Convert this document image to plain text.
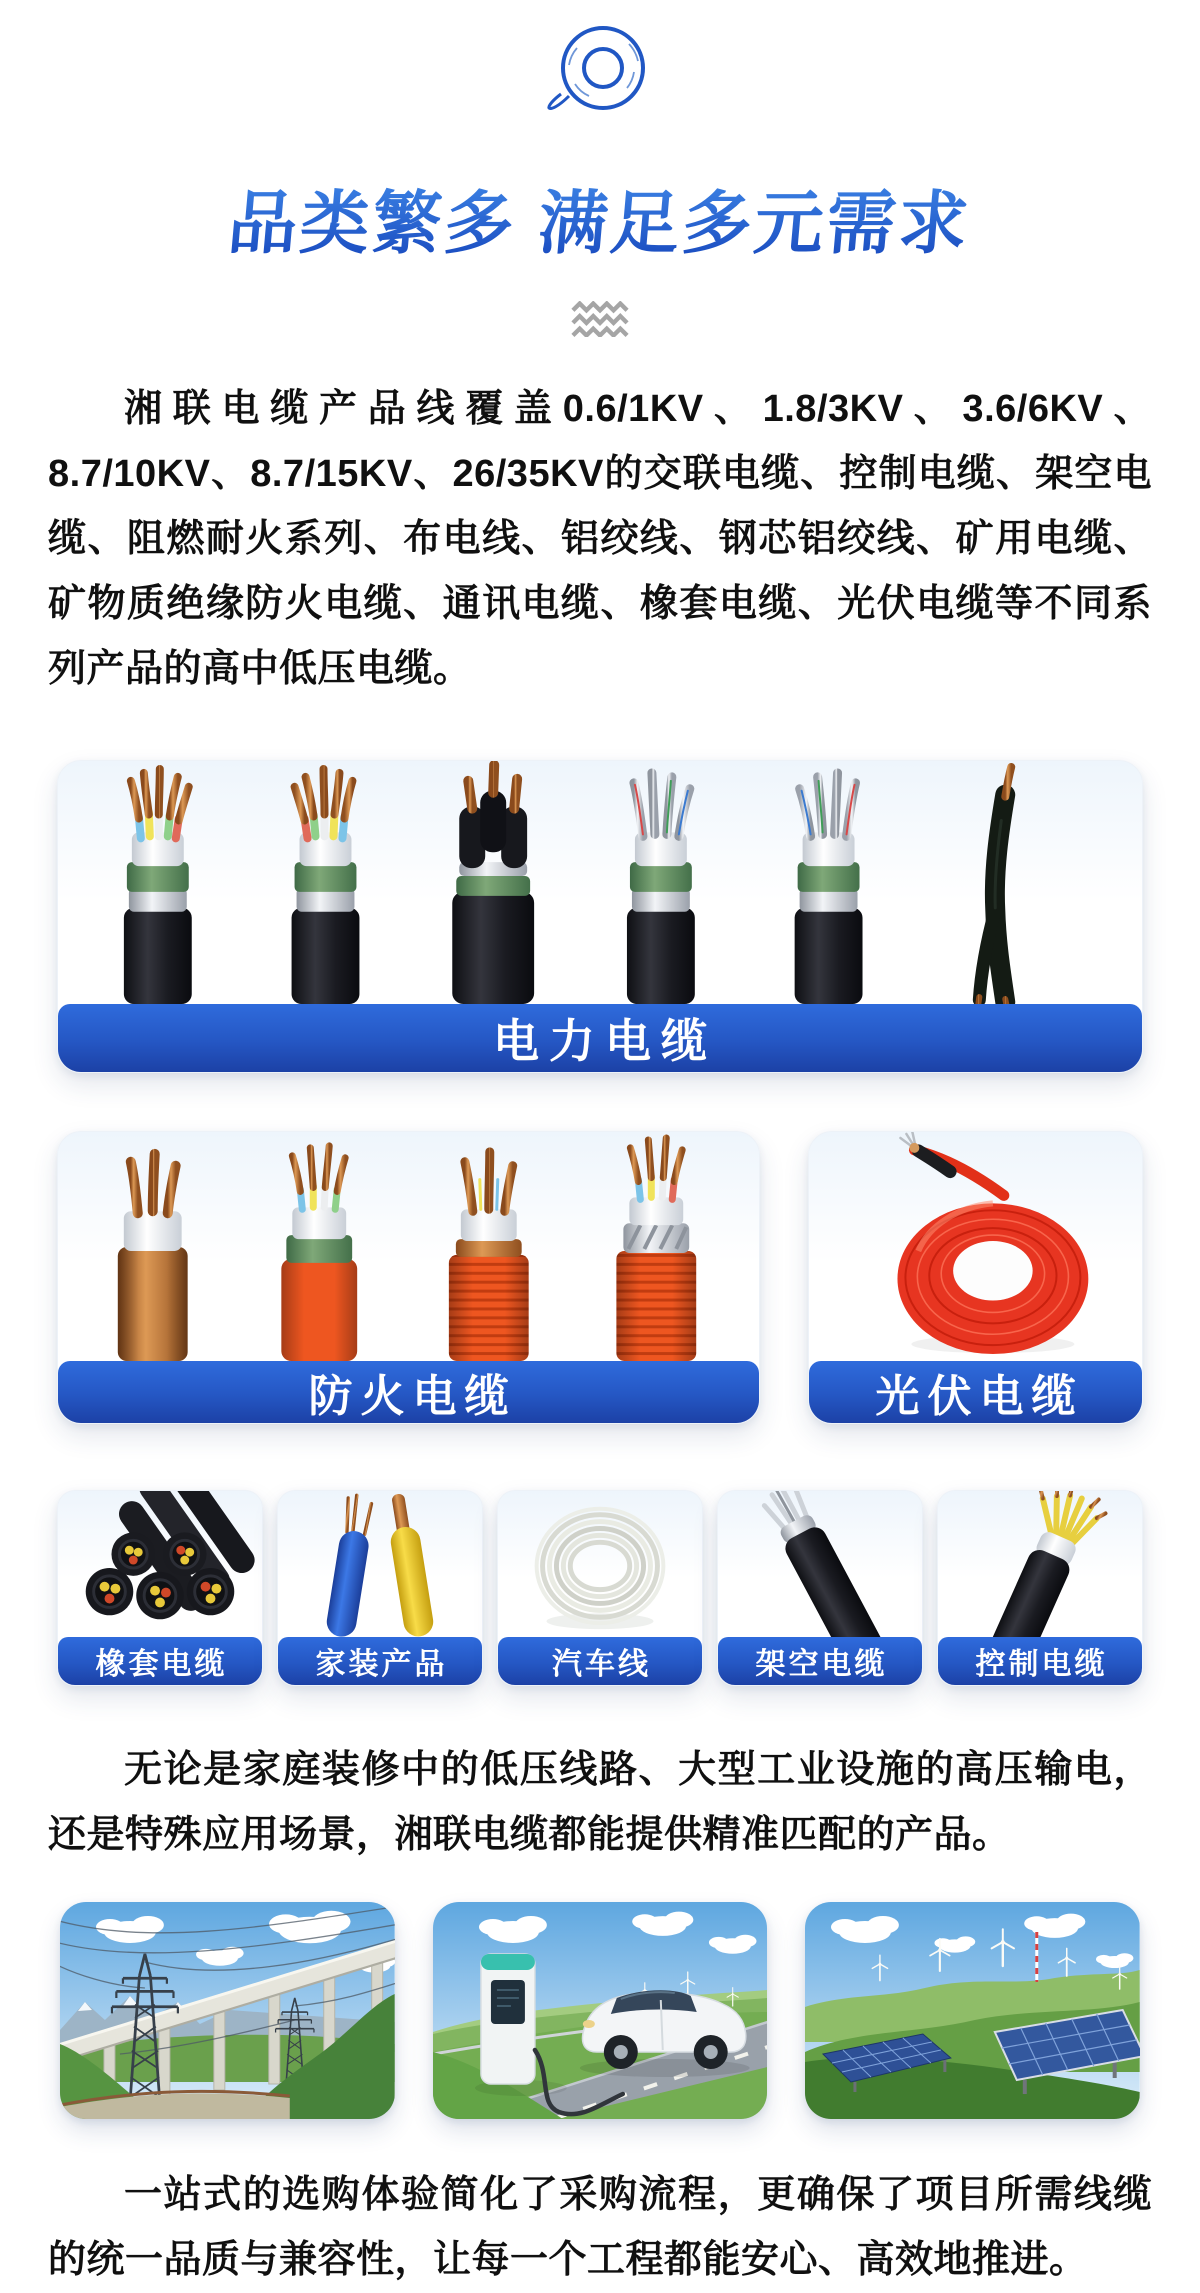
品类繁多 满足多元需求

湘联电缆产品线覆盖0.6/1KV、1.8/3KV、3.6/6KV、8.7/10KV、8.7/15KV、26/35KV的交联电缆、控制电缆、架空电缆、阻燃耐火系列、布电线、铝绞线、钢芯铝绞线、矿用电缆、矿物质绝缘防火电缆、通讯电缆、橡套电缆、光伏电缆等不同系列产品的高中低压电缆。

电力电缆
防火电缆	光伏电缆
橡套电缆	家装产品	汽车线	架空电缆	控制电缆

无论是家庭装修中的低压线路、大型工业设施的高压输电，还是特殊应用场景，湘联电缆都能提供精准匹配的产品。

一站式的选购体验简化了采购流程，更确保了项目所需线缆的统一品质与兼容性，让每一个工程都能安心、高效地推进。
